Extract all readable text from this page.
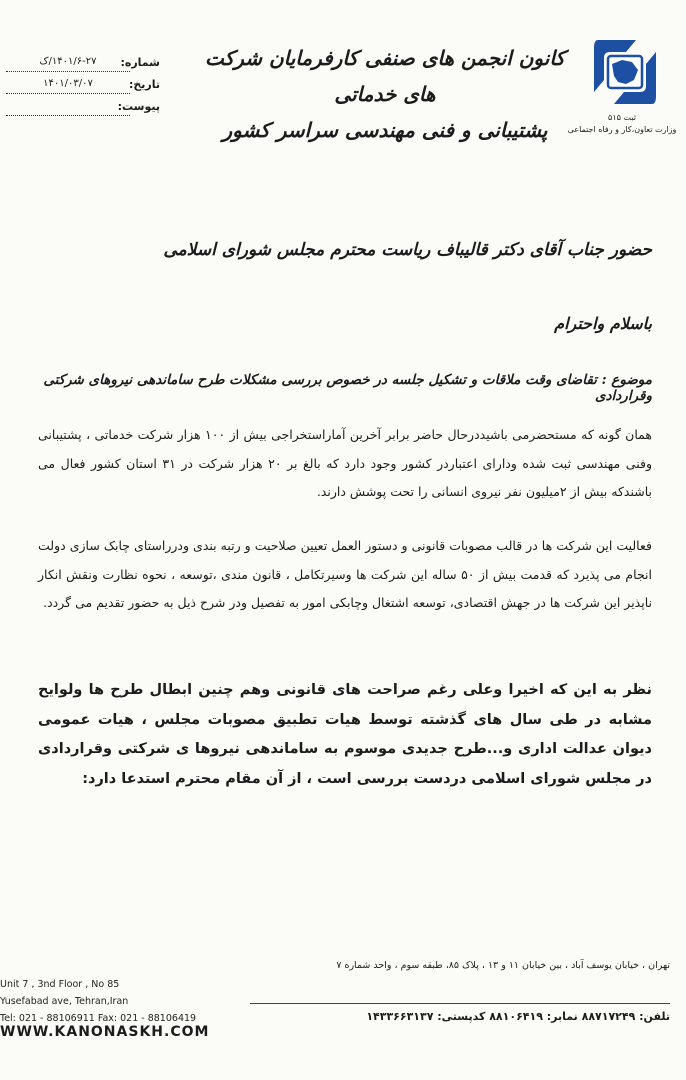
ثبت ۵۱۵
وزارت تعاون،کار و رفاه اجتماعی
کانون انجمن های صنفی کارفرمایان شرکت های خدماتی
پشتیبانی و فنی مهندسی سراسر کشور
شماره:
۱۴۰۱/۶-۲۷/ک
تاریخ:
۱۴۰۱/۰۳/۰۷
پیوست:
حضور جناب آقای دکتر قالیباف ریاست محترم مجلس شورای اسلامی
باسلام واحترام
موضوع : تقاضای وقت ملاقات و تشکیل جلسه در خصوص بررسی مشکلات طرح ساماندهی نیروهای شرکتی وقراردادی
همان گونه که مستحضرمی باشیددرحال حاضر برابر آخرین آماراستخراجی بیش از ۱۰۰ هزار شرکت خدماتی ، پشتیبانی وفنی مهندسی ثبت شده ودارای اعتباردر کشور وجود دارد که بالغ بر ۲۰ هزار شرکت در ۳۱ استان کشور فعال می باشندکه بیش از ۲میلیون نفر نیروی انسانی را تحت پوشش دارند.
فعالیت این شرکت ها در قالب مصوبات قانونی و دستور العمل تعیین صلاحیت و رتبه بندی ودرراستای چابک سازی دولت انجام می پذیرد که قدمت بیش از ۵۰ ساله این شرکت ها وسیرتکامل ، قانون مندی ،توسعه ، نحوه نظارت ونقش انکار ناپذیر این شرکت ها در جهش اقتصادی، توسعه اشتغال وچابکی امور به تفصیل ودر شرح ذیل به حضور تقدیم می گردد.
نظر به این که اخیرا وعلی رغم صراحت های قانونی وهم چنین ابطال طرح ها ولوایح مشابه در طی سال های گذشته توسط هیات تطبیق مصوبات مجلس ، هیات عمومی دیوان عدالت اداری و...طرح جدیدی موسوم به ساماندهی نیروها ی شرکتی وقراردادی در مجلس شورای اسلامی دردست بررسی است ، از آن مقام محترم استدعا دارد:
تهران ، خیابان یوسف آباد ، بین خیابان ۱۱ و ۱۳ ، پلاک ۸۵، طبقه سوم ، واحد شماره ۷
تلفن: ۸۸۷۱۷۲۴۹ نمابر: ۸۸۱۰۶۴۱۹ کدپستی: ۱۴۳۳۶۶۳۱۳۷
Unit 7 , 3nd Floor , No 85
Yusefabad ave, Tehran,Iran
Tel: 021 - 88106911 Fax: 021 - 88106419
WWW.KANONASKH.COM
